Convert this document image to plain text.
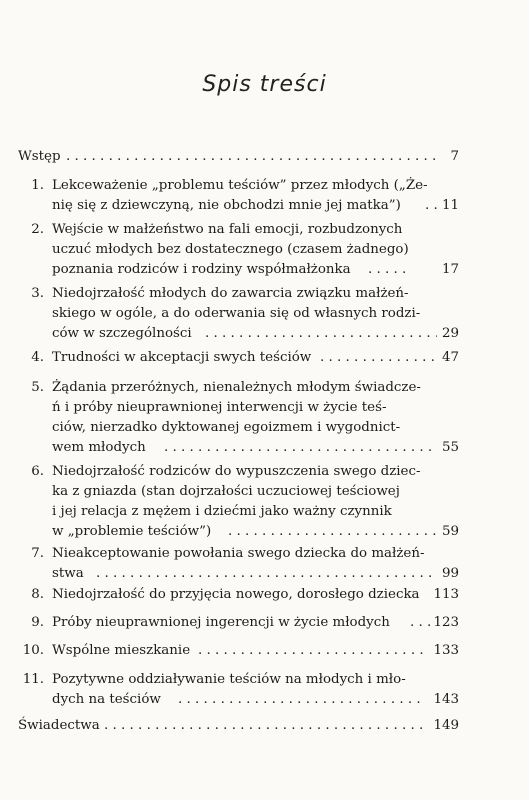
Spis treści
Wstęp . . .	7
1. Lekceważenie „problemu teściów” przez młodych („Że-
nię się z dziewczyną, nie obchodzi mnie jej matka”) . . .	11
2. Wejście w małżeństwo na fali emocji, rozbudzonych
uczuć młodych bez dostatecznego (czasem żadnego)
poznania rodziców i rodziny współmałżonka . . .	17
3. Niedojrzałość młodych do zawarcia związku małżeń-
skiego w ogóle, a do oderwania się od własnych rodzi-
ców w szczególności . . .	29
4. Trudności w akceptacji swych teściów . . .	47
5. Żądania przeróżnych, nienależnych młodym świadcze-
ń i próby nieuprawnionej interwencji w życie teś-
ciów, nierzadko dyktowanej egoizmem i wygodnict-
wem młodych . . .	55
6. Niedojrzałość rodziców do wypuszczenia swego dziec-
ka z gniazda (stan dojrzałości uczuciowej teściowej
i jej relacja z mężem i dziećmi jako ważny czynnik
w „problemie teściów”) . . .	59
7. Nieakceptowanie powołania swego dziecka do małżeń-
stwa . . .	99
8. Niedojrzałość do przyjęcia nowego, dorosłego dziecka 113
9. Próby nieuprawnionej ingerencji w życie młodych . . .	123
10. Wspólne mieszkanie . . .	133
11. Pozytywne oddziaływanie teściów na młodych i mło-
dych na teściów . . .	143
Świadectwa . . .	149
